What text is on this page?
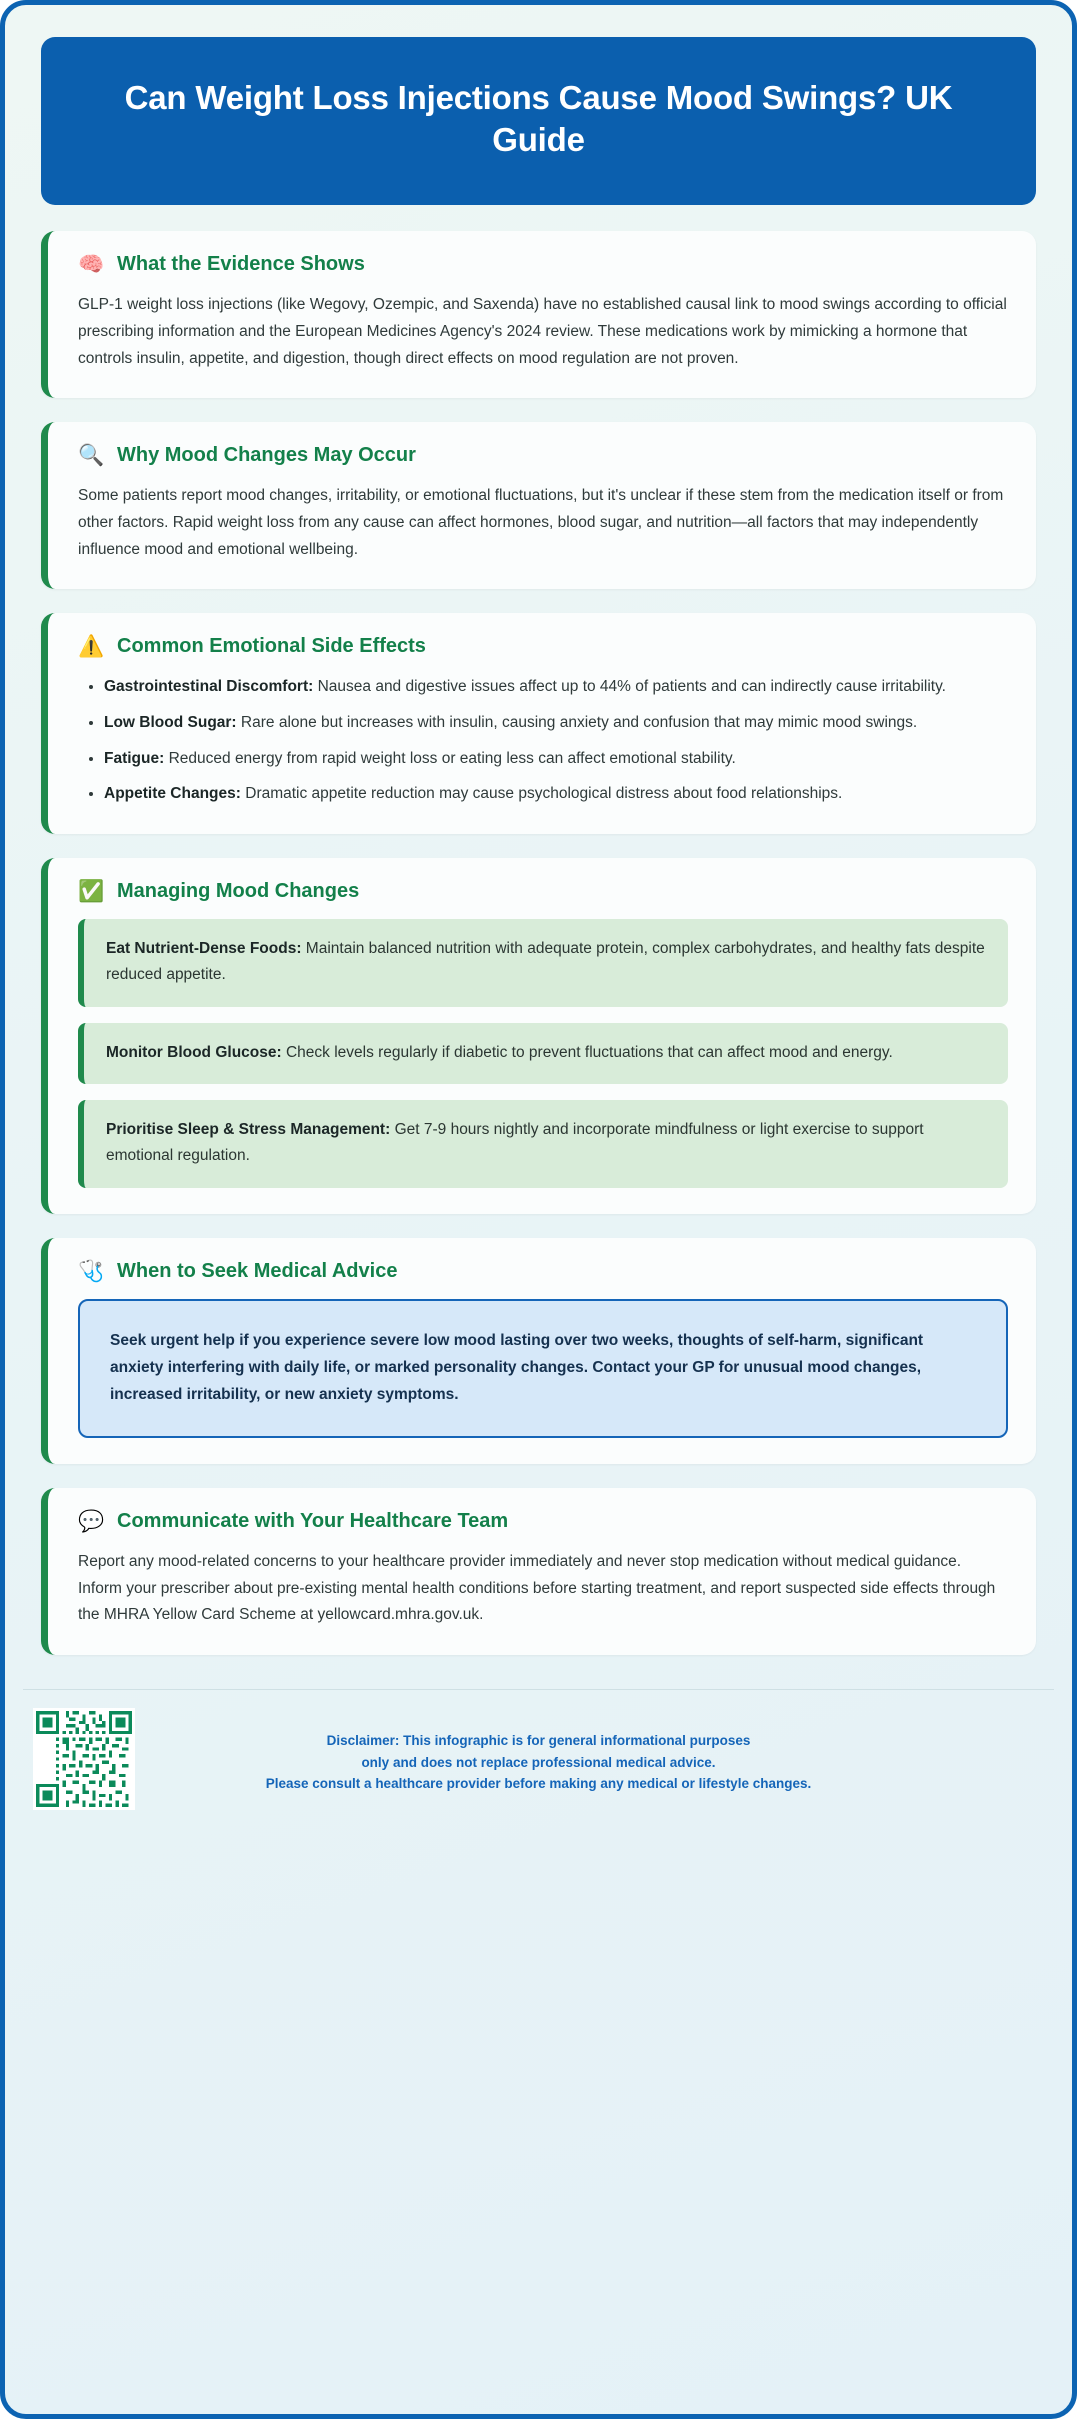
Can Weight Loss Injections Cause Mood Swings? UK Guide
🧠 What the Evidence Shows
GLP-1 weight loss injections (like Wegovy, Ozempic, and Saxenda) have no established causal link to mood swings according to official prescribing information and the European Medicines Agency's 2024 review. These medications work by mimicking a hormone that controls insulin, appetite, and digestion, though direct effects on mood regulation are not proven.
🔍 Why Mood Changes May Occur
Some patients report mood changes, irritability, or emotional fluctuations, but it's unclear if these stem from the medication itself or from other factors. Rapid weight loss from any cause can affect hormones, blood sugar, and nutrition—all factors that may independently influence mood and emotional wellbeing.
⚠️ Common Emotional Side Effects
• Gastrointestinal Discomfort: Nausea and digestive issues affect up to 44% of patients and can indirectly cause irritability.
• Low Blood Sugar: Rare alone but increases with insulin, causing anxiety and confusion that may mimic mood swings.
• Fatigue: Reduced energy from rapid weight loss or eating less can affect emotional stability.
• Appetite Changes: Dramatic appetite reduction may cause psychological distress about food relationships.
✅ Managing Mood Changes
Eat Nutrient-Dense Foods: Maintain balanced nutrition with adequate protein, complex carbohydrates, and healthy fats despite reduced appetite.
Monitor Blood Glucose: Check levels regularly if diabetic to prevent fluctuations that can affect mood and energy.
Prioritise Sleep & Stress Management: Get 7-9 hours nightly and incorporate mindfulness or light exercise to support emotional regulation.
🩺 When to Seek Medical Advice
Seek urgent help if you experience severe low mood lasting over two weeks, thoughts of self-harm, significant anxiety interfering with daily life, or marked personality changes. Contact your GP for unusual mood changes, increased irritability, or new anxiety symptoms.
💬 Communicate with Your Healthcare Team
Report any mood-related concerns to your healthcare provider immediately and never stop medication without medical guidance. Inform your prescriber about pre-existing mental health conditions before starting treatment, and report suspected side effects through the MHRA Yellow Card Scheme at yellowcard.mhra.gov.uk.
Disclaimer: This infographic is for general informational purposes
only and does not replace professional medical advice.
Please consult a healthcare provider before making any medical or lifestyle changes.
